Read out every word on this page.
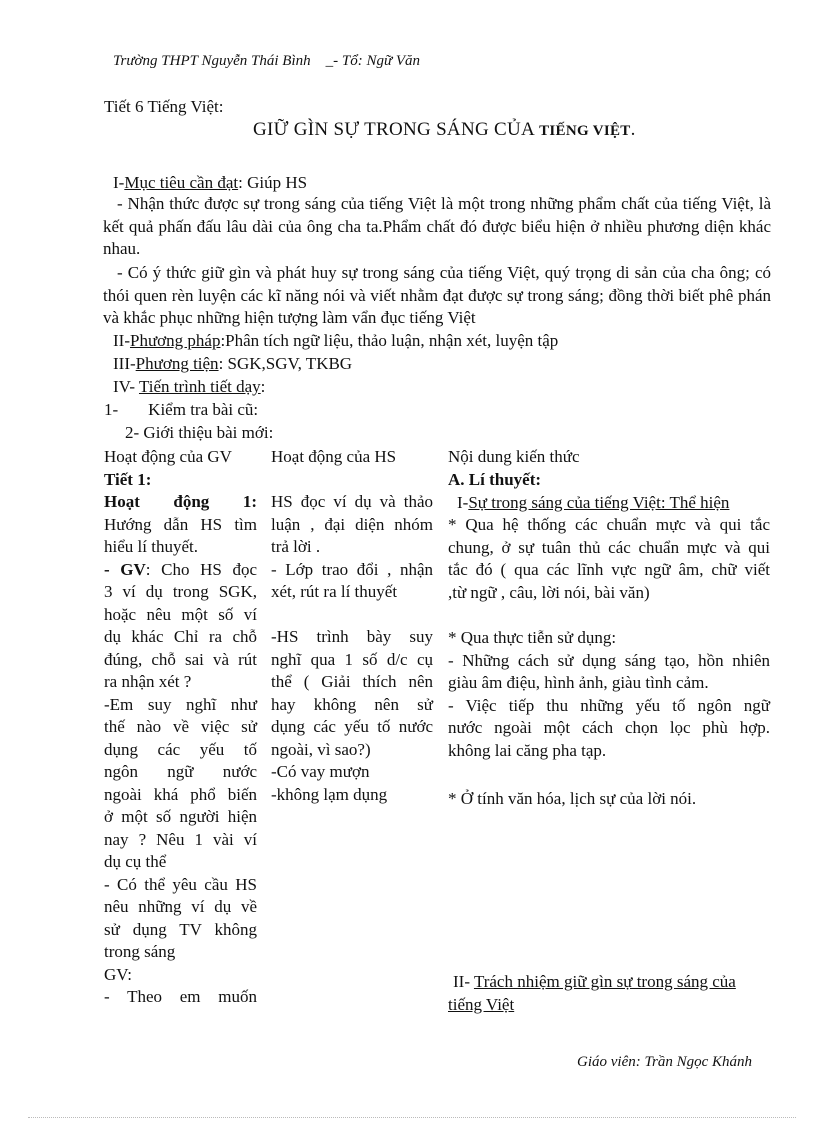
Trường THPT Nguyễn Thái Bình _- Tổ: Ngữ Văn
Tiết 6 Tiếng Việt:
GIỮ GÌN SỰ TRONG SÁNG CỦA TIẾNG VIỆT.
I-Mục tiêu cần đạt: Giúp HS
- Nhận thức được sự trong sáng của tiếng Việt là một trong những phẩm chất của tiếng Việt, là kết quả phấn đấu lâu dài của ông cha ta.Phẩm chất đó được biểu hiện ở nhiều phương diện khác nhau.
- Có ý thức giữ gìn và phát huy sự trong sáng của tiếng Việt, quý trọng di sản của cha ông; có thói quen rèn luyện các kĩ năng nói và viết nhằm đạt được sự trong sáng; đồng thời biết phê phán và khắc phục những hiện tượng làm vẩn đục tiếng Việt
II-Phương pháp:Phân tích ngữ liệu, thảo luận, nhận xét, luyện tập
III-Phương tiện: SGK,SGV, TKBG
IV- Tiến trình tiết dạy:
1- Kiểm tra bài cũ:
2- Giới thiệu bài mới:
Hoạt động của GV Hoạt động của HS	Nội dung kiến thức
Tiết 1:	A. Lí thuyết:
Hoạt động 1:
Hướng dẫn HS tìm
hiểu lí thuyết.
- GV: Cho HS đọc
3 ví dụ trong SGK,
hoặc nêu một số ví
dụ khác Chỉ ra chỗ
đúng, chỗ sai và rút
ra nhận xét ?
-Em suy nghĩ như
thế nào về việc sử
dụng các yếu tố
ngôn ngữ nước
ngoài khá phổ biến
ở một số người hiện
nay ? Nêu 1 vài ví
dụ cụ thể
- Có thể yêu cầu HS
nêu những ví dụ về
sử dụng TV không
trong sáng
GV:
- Theo em muốn
HS đọc ví dụ và thảo
luận , đại diện nhóm
trả lời .
- Lớp trao đổi , nhận
xét, rút ra lí thuyết
-HS trình bày suy
nghĩ qua 1 số d/c cụ
thể ( Giải thích nên
hay không nên sử
dụng các yếu tố nước
ngoài, vì sao?)
-Có vay mượn
-không lạm dụng
I-Sự trong sáng của tiếng Việt: Thể hiện
* Qua hệ thống các chuẩn mực và qui tắc
chung, ở sự tuân thủ các chuẩn mực và qui
tắc đó ( qua các lĩnh vực ngữ âm, chữ viết
,từ ngữ , câu, lời nói, bài văn)
* Qua thực tiễn sử dụng:
- Những cách sử dụng sáng tạo, hồn nhiên
giàu âm điệu, hình ảnh, giàu tình cảm.
- Việc tiếp thu những yếu tố ngôn ngữ
nước ngoài một cách chọn lọc phù hợp.
không lai căng pha tạp.
* Ở tính văn hóa, lịch sự của lời nói.
II- Trách nhiệm giữ gìn sự trong sáng của
tiếng Việt
Giáo viên: Trần Ngọc Khánh
